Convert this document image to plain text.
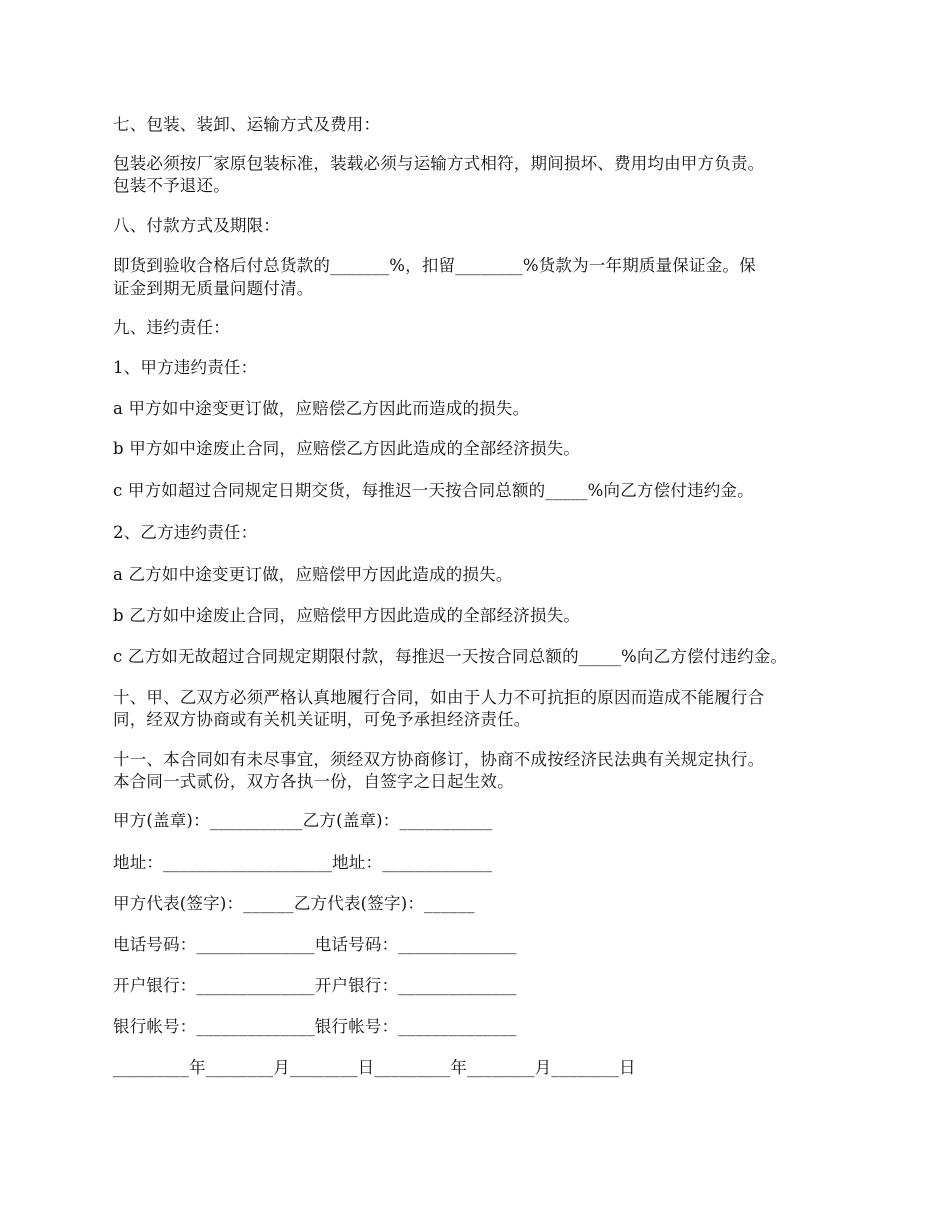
七、包装、装卸、运输方式及费用：
包装必须按厂家原包装标准，装载必须与运输方式相符，期间损坏、费用均由甲方负责。
包装不予退还。
八、付款方式及期限：
即货到验收合格后付总货款的_______%，扣留________%货款为一年期质量保证金。保
证金到期无质量问题付清。
九、违约责任：
1、甲方违约责任：
a 甲方如中途变更订做，应赔偿乙方因此而造成的损失。
b 甲方如中途废止合同，应赔偿乙方因此造成的全部经济损失。
c 甲方如超过合同规定日期交货，每推迟一天按合同总额的_____%向乙方偿付违约金。
2、乙方违约责任：
a 乙方如中途变更订做，应赔偿甲方因此造成的损失。
b 乙方如中途废止合同，应赔偿甲方因此造成的全部经济损失。
c 乙方如无故超过合同规定期限付款，每推迟一天按合同总额的_____%向乙方偿付违约金。
十、甲、乙双方必须严格认真地履行合同，如由于人力不可抗拒的原因而造成不能履行合
同，经双方协商或有关机关证明，可免予承担经济责任。
十一、本合同如有未尽事宜，须经双方协商修订，协商不成按经济民法典有关规定执行。
本合同一式贰份，双方各执一份，自签字之日起生效。
甲方(盖章)：___________乙方(盖章)：___________
地址：____________________地址：_____________
甲方代表(签字)：______乙方代表(签字)：______
电话号码：______________电话号码：______________
开户银行：______________开户银行：______________
银行帐号：______________银行帐号：______________
_________年________月________日_________年________月________日
